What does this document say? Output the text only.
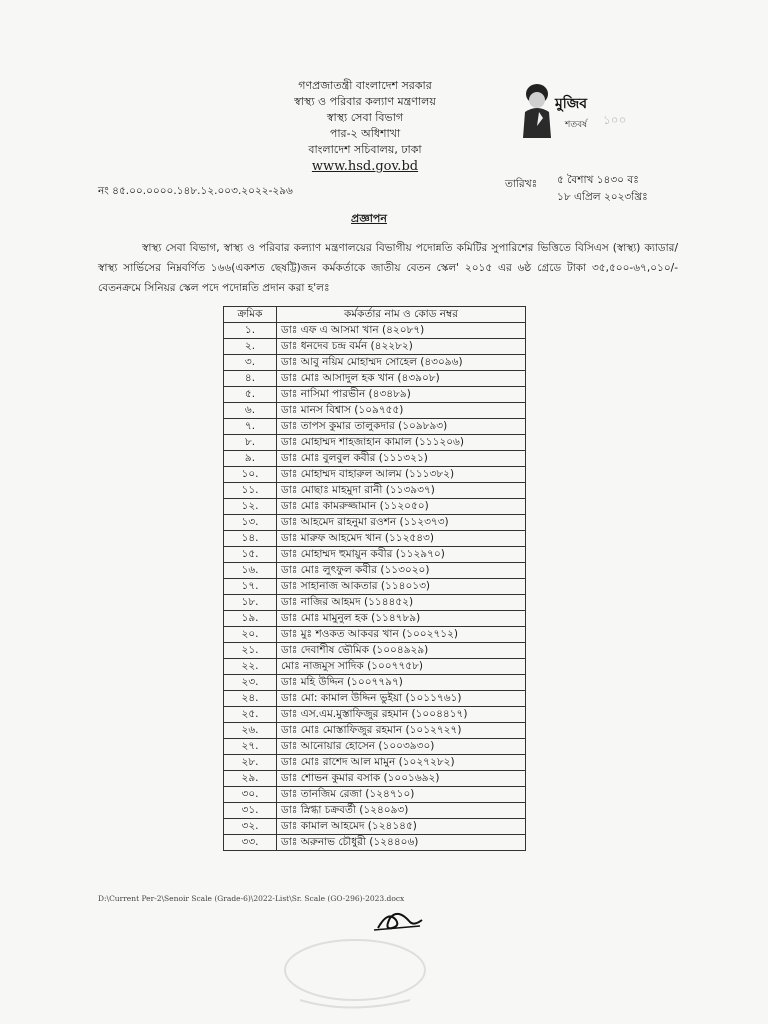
গণপ্রজাতন্ত্রী বাংলাদেশ সরকার
স্বাস্থ্য ও পরিবার কল্যাণ মন্ত্রণালয়
স্বাস্থ্য সেবা বিভাগ
পার-২ অধিশাখা
বাংলাদেশ সচিবালয়, ঢাকা
www.hsd.gov.bd
মুজিব
১০০
শতবর্ষ
নং ৪৫.০০.০০০০.১৪৮.১২.০০৩.২০২২-২৯৬
তারিখঃ ৫ বৈশাখ ১৪৩০ বঃ
১৮ এপ্রিল ২০২৩খ্রিঃ
প্রজ্ঞাপন
স্বাস্থ্য সেবা বিভাগ, স্বাস্থ্য ও পরিবার কল্যাণ মন্ত্রণালয়ের বিভাগীয় পদোন্নতি কমিটির সুপারিশের ভিত্তিতে বিসিএস (স্বাস্থ্য) ক্যাডার/ স্বাস্থ্য সার্ভিসের নিম্নবর্ণিত ১৬৬(একশত ছেষট্টি)জন কর্মকর্তাকে জাতীয় বেতন স্কেল' ২০১৫ এর ৬ষ্ঠ গ্রেডে টাকা ৩৫,৫০০-৬৭,০১০/- বেতনক্রমে সিনিয়র স্কেল পদে পদোন্নতি প্রদান করা হ'লঃ
ক্রমিক	কর্মকর্তার নাম ও কোড নম্বর
১.	ডাঃ এফ এ আসমা খান (৪২০৮৭)
২.	ডাঃ ধনদেব চন্দ্র বর্মন (৪২২৮২)
৩.	ডাঃ আবু নয়িম মোহাম্মদ সোহেল (৪৩০৯৬)
৪.	ডাঃ মোঃ আসাদুল হক খান (৪৩৯০৮)
৫.	ডাঃ নাসিমা পারভীন (৪৩৪৮৯)
৬.	ডাঃ মানস বিশ্বাস (১০৯৭৫৫)
৭.	ডাঃ তাপস কুমার তালুকদার (১০৯৮৯৩)
৮.	ডাঃ মোহাম্মদ শাহজাহান কামাল (১১১২০৬)
৯.	ডাঃ মোঃ বুলবুল কবীর (১১১৩২১)
১০.	ডাঃ মোহাম্মদ বাহারুল আলম (১১১৩৮২)
১১.	ডাঃ মোছাঃ মাহমুদা রানী (১১৩৯৩৭)
১২.	ডাঃ মোঃ কামরুজ্জামান (১১২০৫০)
১৩.	ডাঃ আহমেদ রাহনুমা রওশন (১১২৩৭৩)
১৪.	ডাঃ মারুফ আহমেদ খান (১১২৫৪৩)
১৫.	ডাঃ মোহাম্মদ হুমায়ুন কবীর (১১২৯৭০)
১৬.	ডাঃ মোঃ লুৎফুল কবীর (১১৩০২০)
১৭.	ডাঃ সাহানাজ আকতার (১১৪০১৩)
১৮.	ডাঃ নাজির আহমদ (১১৪৪৫২)
১৯.	ডাঃ মোঃ মামুনুল হক (১১৪৭৮৯)
২০.	ডাঃ মুঃ শওকত আকবর খান (১০০২৭১২)
২১.	ডাঃ দেবাশীষ ভৌমিক (১০০৪৯২৯)
২২.	মোঃ নাজমুস সাদিক (১০০৭৭৫৮)
২৩.	ডাঃ মহি উদ্দিন (১০০৭৭৯৭)
২৪.	ডাঃ মো: কামাল উদ্দিন ভুইয়া (১০১১৭৬১)
২৫.	ডাঃ এস.এম.মুস্তাফিজুর রহমান (১০০৪৪১৭)
২৬.	ডাঃ মোঃ মোস্তাফিজুর রহমান (১০১২৭২৭)
২৭.	ডাঃ আনোয়ার হোসেন (১০০৩৯৩০)
২৮.	ডাঃ মোঃ রাশেদ আল মামুন (১০২৭২৮২)
২৯.	ডাঃ শোভন কুমার বসাক (১০০১৬৯২)
৩০.	ডাঃ তানজিম রেজা (১২৪৭১০)
৩১.	ডাঃ স্নিগ্ধা চক্রবর্তী (১২৪০৯৩)
৩২.	ডাঃ কামাল আহমেদ (১২৪১৪৫)
৩৩.	ডাঃ অরুনাভ চৌধুরী (১২৪৪০৬)
D:\Current Per-2\Senoir Scale (Grade-6)\2022-List\Sr. Scale (GO-296)-2023.docx
